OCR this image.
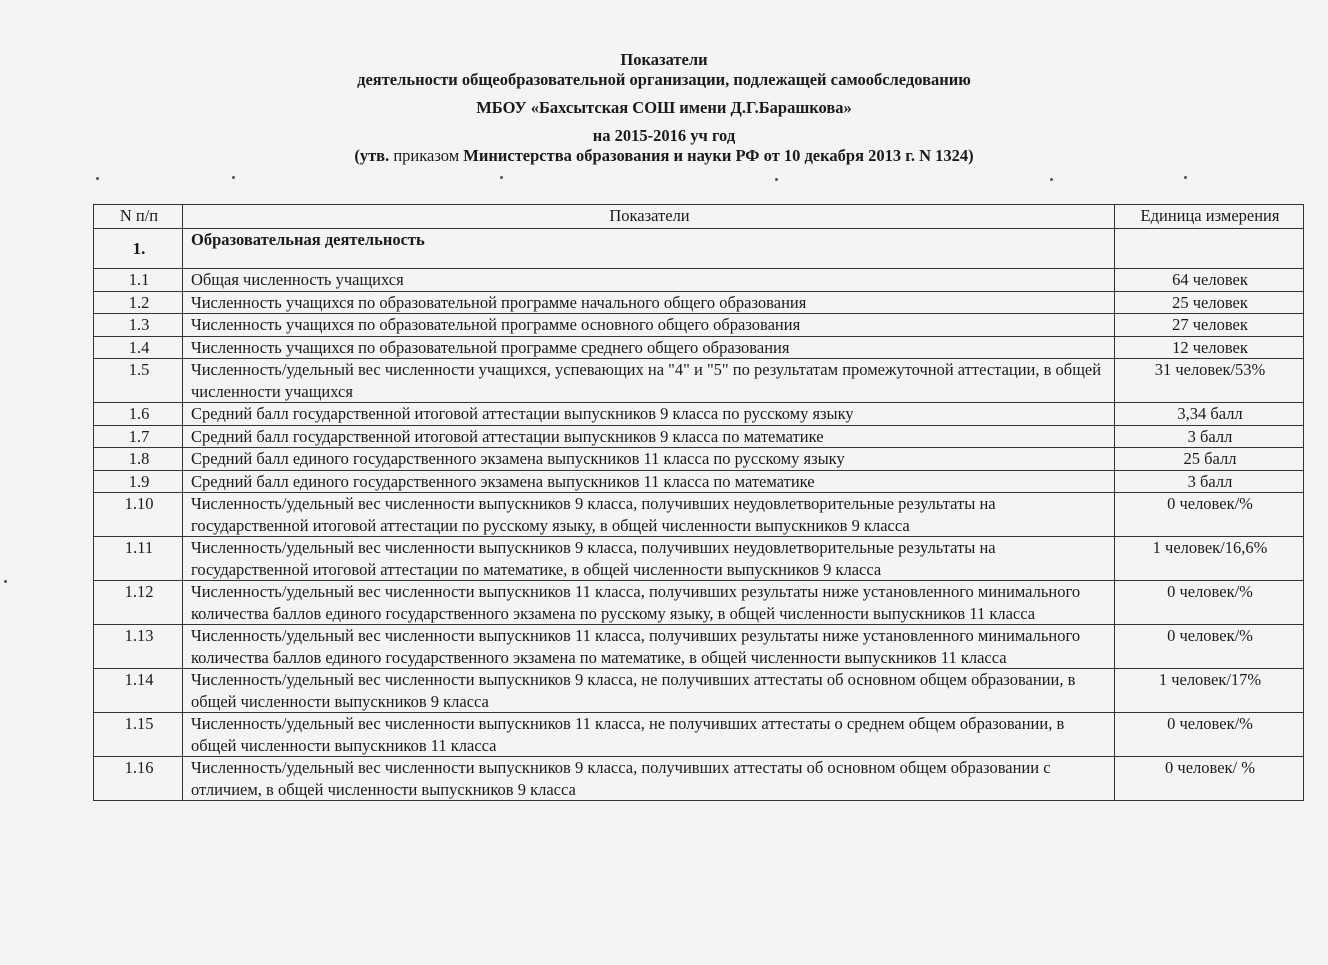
Показатели
деятельности общеобразовательной организации, подлежащей самообследованию
МБОУ «Бахсытская СОШ имени Д.Г.Барашкова»
на 2015-2016 уч год
(утв. приказом Министерства образования и науки РФ от 10 декабря 2013 г. N 1324)
N п/п	Показатели	Единица измерения
1.	Образовательная деятельность	
1.1	Общая численность учащихся	64 человек
1.2	Численность учащихся по образовательной программе начального общего образования	25 человек
1.3	Численность учащихся по образовательной программе основного общего образования	27 человек
1.4	Численность учащихся по образовательной программе среднего общего образования	12 человек
1.5	Численность/удельный вес численности учащихся, успевающих на "4" и "5" по результатам промежуточной аттестации, в общей численности учащихся	31 человек/53%
1.6	Средний балл государственной итоговой аттестации выпускников 9 класса по русскому языку	3,34 балл
1.7	Средний балл государственной итоговой аттестации выпускников 9 класса по математике	3 балл
1.8	Средний балл единого государственного экзамена выпускников 11 класса по русскому языку	25 балл
1.9	Средний балл единого государственного экзамена выпускников 11 класса по математике	3 балл
1.10	Численность/удельный вес численности выпускников 9 класса, получивших неудовлетворительные результаты на государственной итоговой аттестации по русскому языку, в общей численности выпускников 9 класса	0 человек/%
1.11	Численность/удельный вес численности выпускников 9 класса, получивших неудовлетворительные результаты на государственной итоговой аттестации по математике, в общей численности выпускников 9 класса	1 человек/16,6%
1.12	Численность/удельный вес численности выпускников 11 класса, получивших результаты ниже установленного минимального количества баллов единого государственного экзамена по русскому языку, в общей численности выпускников 11 класса	0 человек/%
1.13	Численность/удельный вес численности выпускников 11 класса, получивших результаты ниже установленного минимального количества баллов единого государственного экзамена по математике, в общей численности выпускников 11 класса	0 человек/%
1.14	Численность/удельный вес численности выпускников 9 класса, не получивших аттестаты об основном общем образовании, в общей численности выпускников 9 класса	1 человек/17%
1.15	Численность/удельный вес численности выпускников 11 класса, не получивших аттестаты о среднем общем образовании, в общей численности выпускников 11 класса	0 человек/%
1.16	Численность/удельный вес численности выпускников 9 класса, получивших аттестаты об основном общем образовании с отличием, в общей численности выпускников 9 класса	0 человек/ %
